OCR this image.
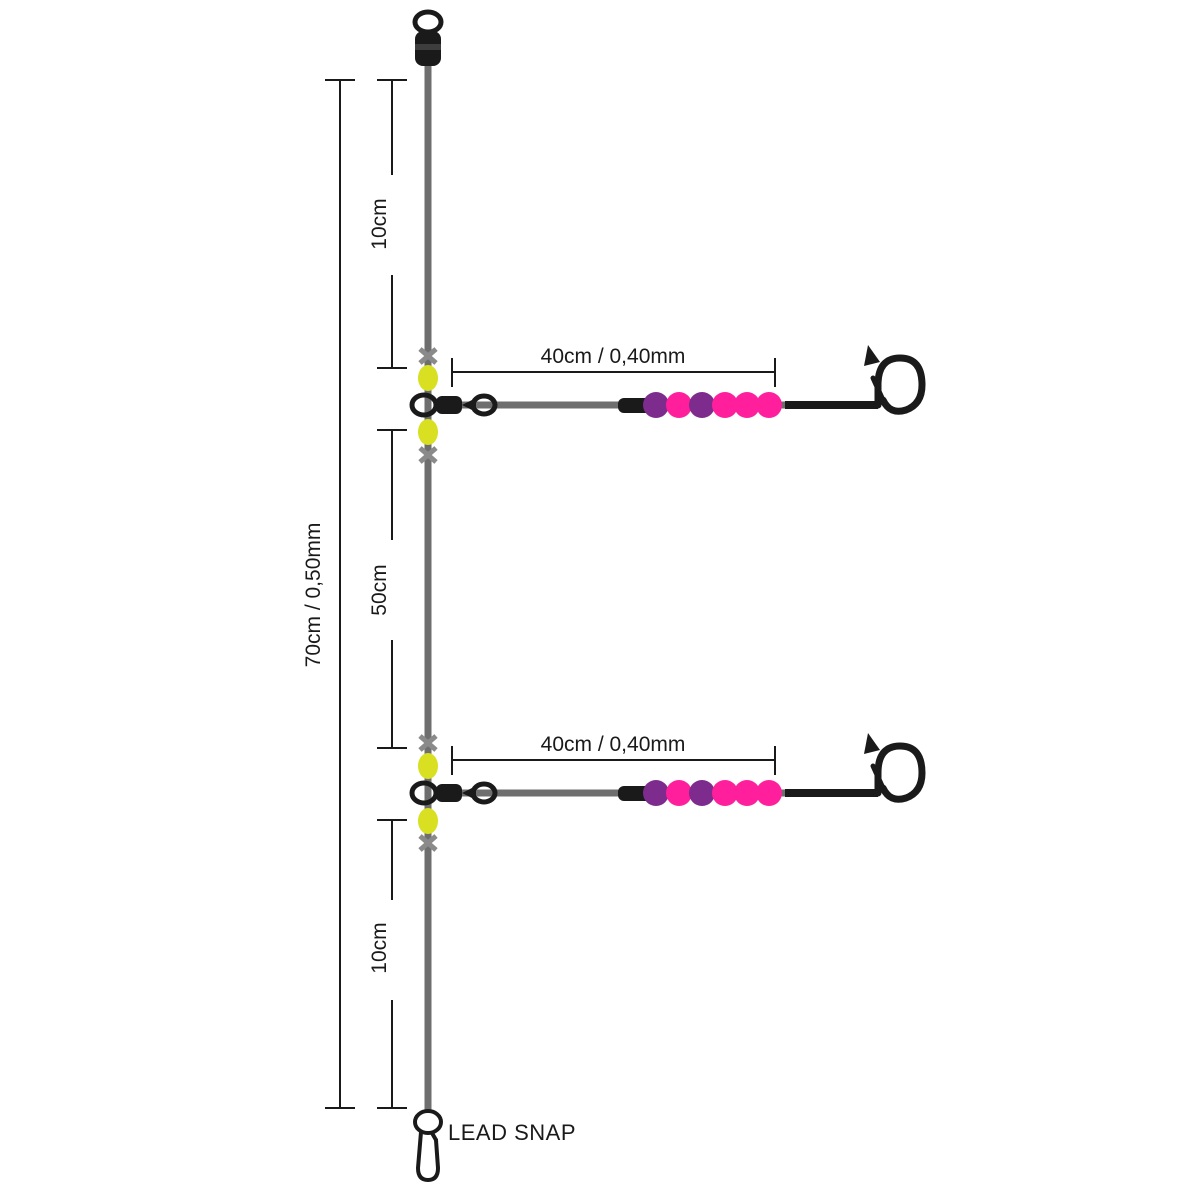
70cm / 0,50mm
10cm
50cm
10cm
40cm / 0,40mm
40cm / 0,40mm
LEAD SNAP
